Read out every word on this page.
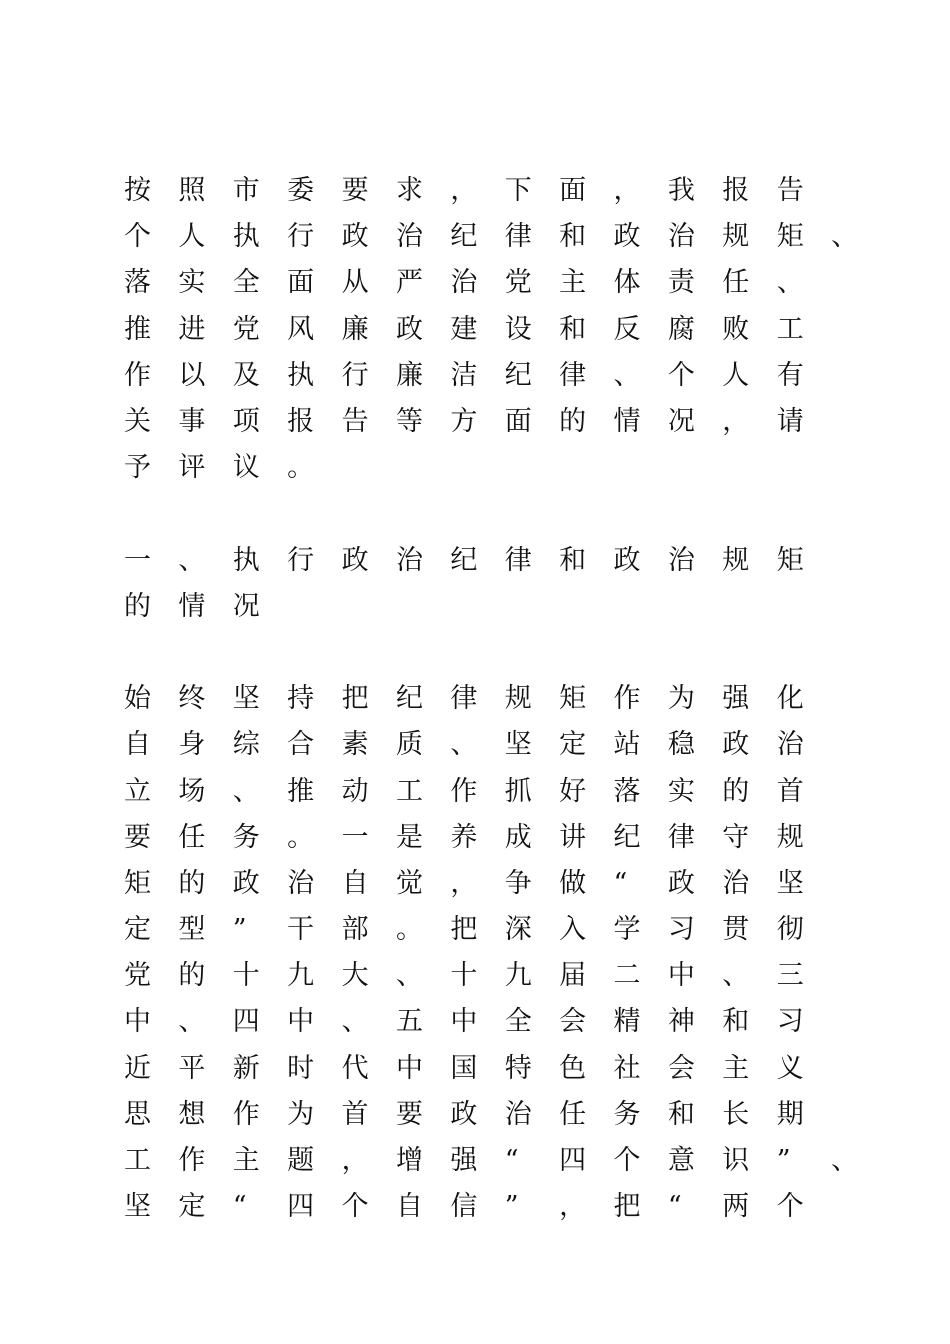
按	照	市	委	要	求	，	下	面	，	我	报	告
个	人	执	行	政	治	纪	律	和	政	治	规	矩	、
落	实	全	面	从	严	治	党	主	体	责	任	、
推	进	党	风	廉	政	建	设	和	反	腐	败	工
作	以	及	执	行	廉	洁	纪	律	、	个	人	有
关	事	项	报	告	等	方	面	的	情	况	，	请
予	评	议	。
一	、	执	行	政	治	纪	律	和	政	治	规	矩
的	情	况
始	终	坚	持	把	纪	律	规	矩	作	为	强	化
自	身	综	合	素	质	、	坚	定	站	稳	政	治
立	场	、	推	动	工	作	抓	好	落	实	的	首
要	任	务	。	一	是	养	成	讲	纪	律	守	规
矩	的	政	治	自	觉	，	争	做	“	政	治	坚
定	型	”	干	部	。	把	深	入	学	习	贯	彻
党	的	十	九	大	、	十	九	届	二	中	、	三
中	、	四	中	、	五	中	全	会	精	神	和	习
近	平	新	时	代	中	国	特	色	社	会	主	义
思	想	作	为	首	要	政	治	任	务	和	长	期
工	作	主	题	，	增	强	“	四	个	意	识	”	、
坚	定	“	四	个	自	信	”	，	把	“	两	个
